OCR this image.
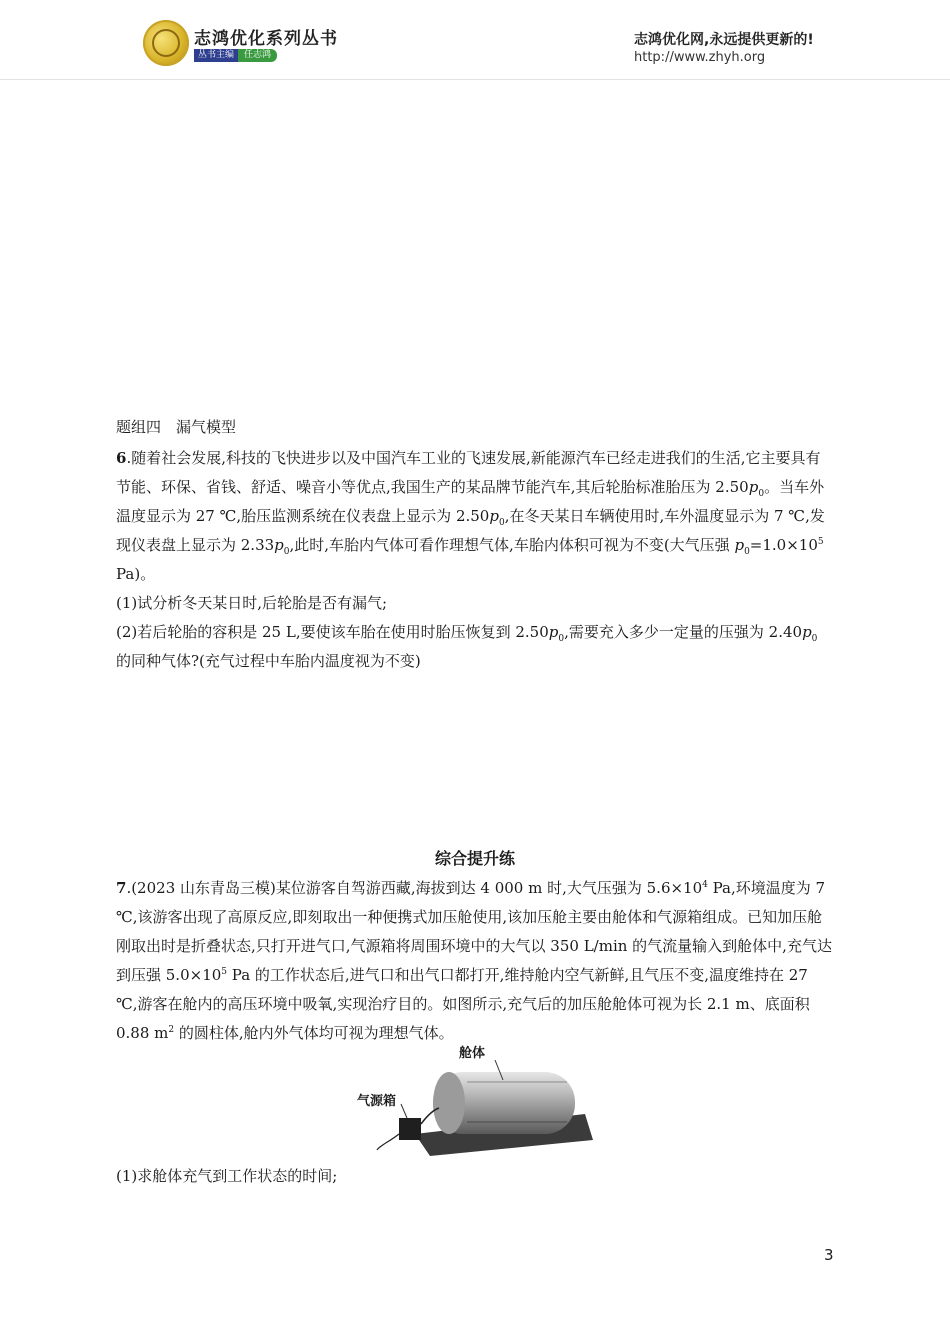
志鸿优化系列丛书
丛书主编	任志鸿
志鸿优化网,永远提供更新的!
http://www.zhyh.org
题组四　漏气模型

6.随着社会发展,科技的飞快进步以及中国汽车工业的飞速发展,新能源汽车已经走进我们的生活,它主要具有节能、环保、省钱、舒适、噪音小等优点,我国生产的某品牌节能汽车,其后轮胎标准胎压为 $2.50p_0$。当车外温度显示为 27 ℃,胎压监测系统在仪表盘上显示为 $2.50p_0$,在冬天某日车辆使用时,车外温度显示为 7 ℃,发现仪表盘上显示为 $2.33p_0$,此时,车胎内气体可看作理想气体,车胎内体积可视为不变(大气压强 $p_0=1.0\times 10^5$ Pa)。

(1)试分析冬天某日时,后轮胎是否有漏气;

(2)若后轮胎的容积是 25 L,要使该车胎在使用时胎压恢复到 $2.50p_0$,需要充入多少一定量的压强为 $2.40p_0$ 的同种气体?(充气过程中车胎内温度视为不变)

综合提升练

7.(2023 山东青岛三模)某位游客自驾游西藏,海拔到达 4 000 m 时,大气压强为 $5.6\times 10^4$ Pa,环境温度为 7 ℃,该游客出现了高原反应,即刻取出一种便携式加压舱使用,该加压舱主要由舱体和气源箱组成。已知加压舱刚取出时是折叠状态,只打开进气口,气源箱将周围环境中的大气以 350 L/min 的气流量输入到舱体中,充气达到压强 $5.0\times 10^5$ Pa 的工作状态后,进气口和出气口都打开,维持舱内空气新鲜,且气压不变,温度维持在 27 ℃,游客在舱内的高压环境中吸氧,实现治疗目的。如图所示,充气后的加压舱舱体可视为长 2.1 m、底面积 0.88 $m^2$ 的圆柱体,舱内外气体均可视为理想气体。

舱体
气源箱
(1)求舱体充气到工作状态的时间;
3
